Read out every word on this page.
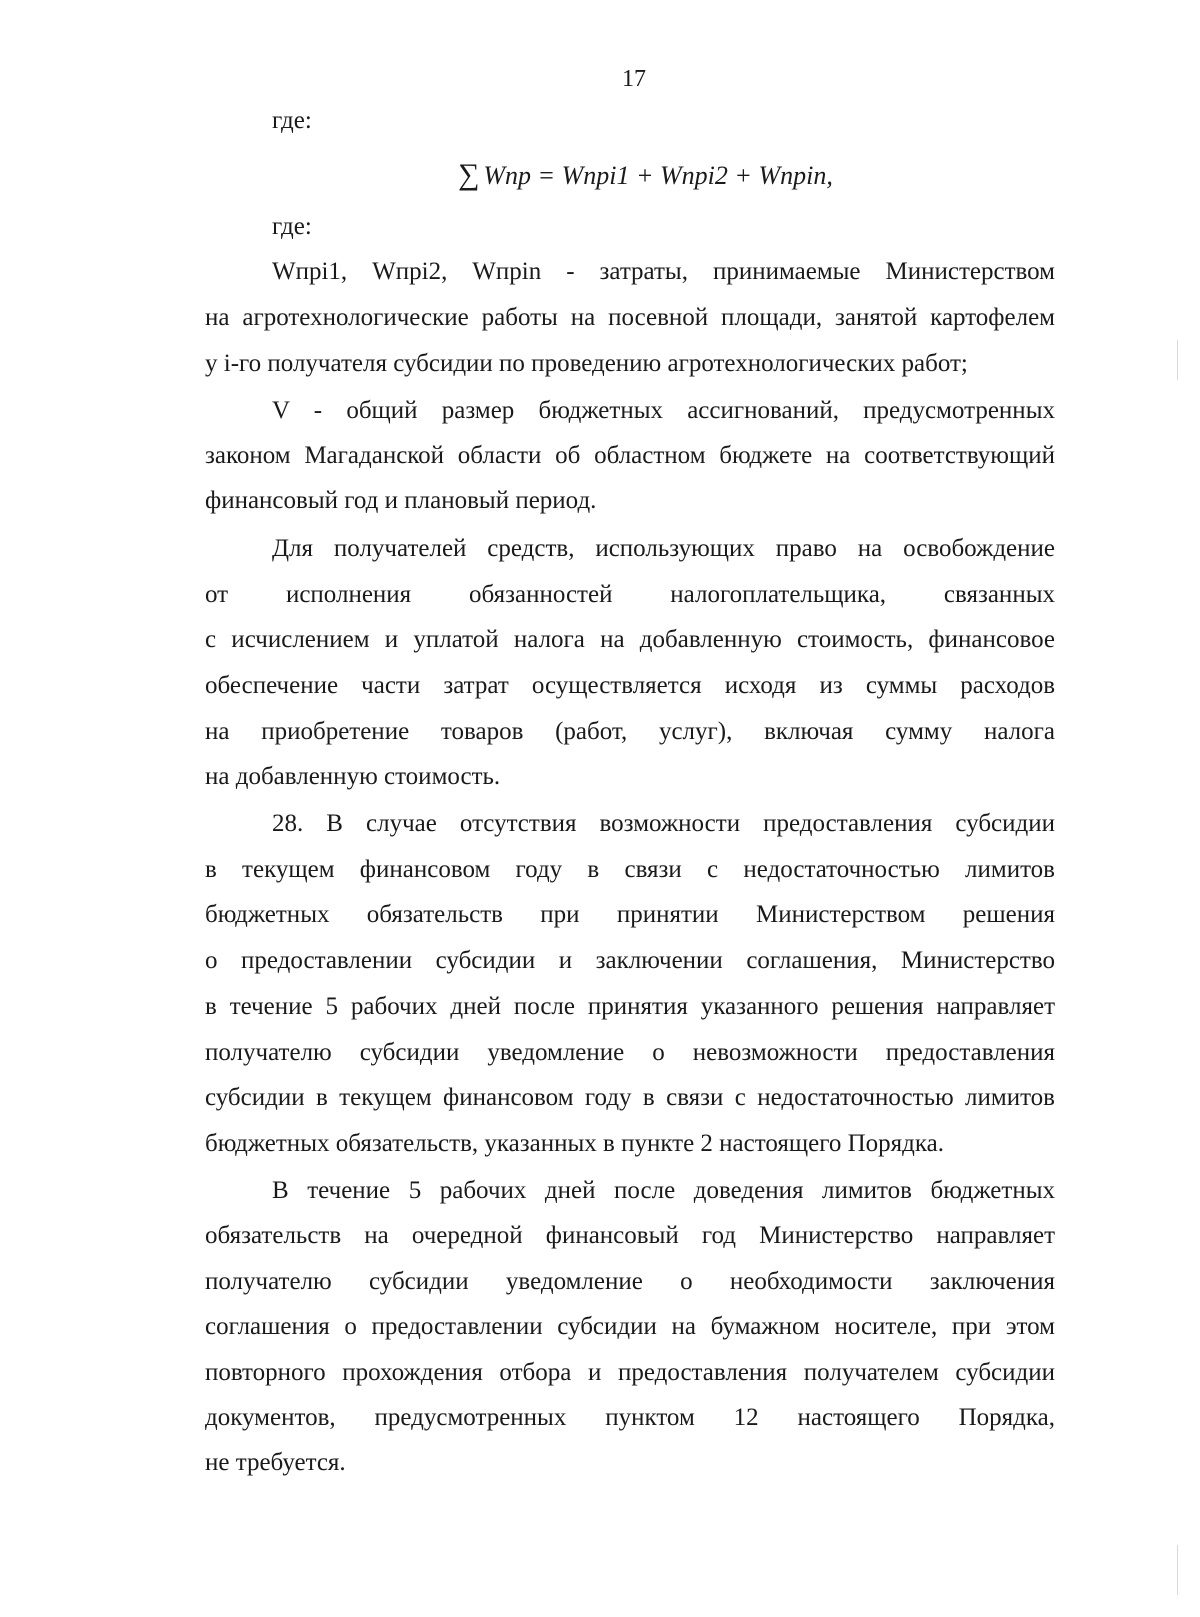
17
где:
∑ Wnp = Wnpi1 + Wnpi2 + Wnpin,
где:
Wпрі1, Wпрі2, Wпріn - затраты, принимаемые Министерством
на агротехнологические работы на посевной площади, занятой картофелем
у і-го получателя субсидии по проведению агротехнологических работ;
V - общий размер бюджетных ассигнований, предусмотренных
законом Магаданской области об областном бюджете на соответствующий
финансовый год и плановый период.
Для получателей средств, использующих право на освобождение
от исполнения обязанностей налогоплательщика, связанных
с исчислением и уплатой налога на добавленную стоимость, финансовое
обеспечение части затрат осуществляется исходя из суммы расходов
на приобретение товаров (работ, услуг), включая сумму налога
на добавленную стоимость.
28. В случае отсутствия возможности предоставления субсидии
в текущем финансовом году в связи с недостаточностью лимитов
бюджетных обязательств при принятии Министерством решения
о предоставлении субсидии и заключении соглашения, Министерство
в течение 5 рабочих дней после принятия указанного решения направляет
получателю субсидии уведомление о невозможности предоставления
субсидии в текущем финансовом году в связи с недостаточностью лимитов
бюджетных обязательств, указанных в пункте 2 настоящего Порядка.
В течение 5 рабочих дней после доведения лимитов бюджетных
обязательств на очередной финансовый год Министерство направляет
получателю субсидии уведомление о необходимости заключения
соглашения о предоставлении субсидии на бумажном носителе, при этом
повторного прохождения отбора и предоставления получателем субсидии
документов, предусмотренных пунктом 12 настоящего Порядка,
не требуется.
